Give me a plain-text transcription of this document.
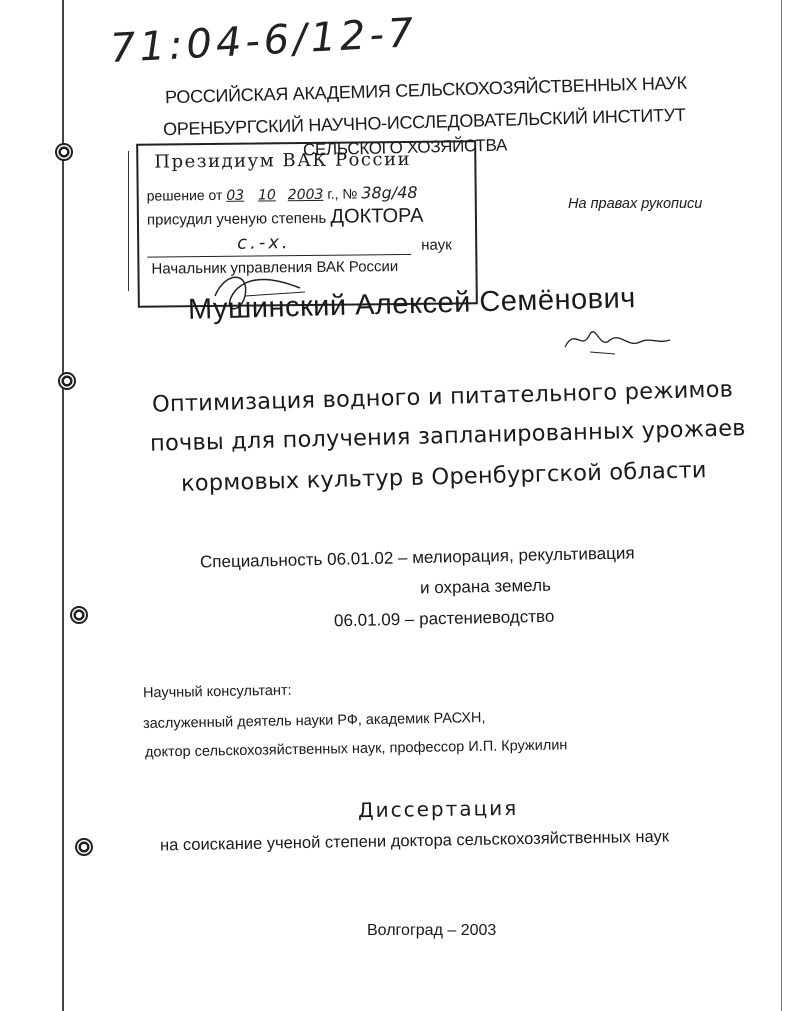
71:04-6/12-7
РОССИЙСКАЯ АКАДЕМИЯ СЕЛЬСКОХОЗЯЙСТВЕННЫХ НАУК
ОРЕНБУРГСКИЙ НАУЧНО-ИССЛЕДОВАТЕЛЬСКИЙ ИНСТИТУТ
СЕЛЬСКОГО ХОЗЯЙСТВА
Президиум ВАК России
решение от 03 10 2003 г., № 38g/48
присудил ученую степень ДОКТОРА
с.-х.	наук
Начальник управления ВАК России
На правах рукописи
Мушинский Алексей Семёнович
Оптимизация водного и питательного режимов
почвы для получения запланированных урожаев
кормовых культур в Оренбургской области
Специальность 06.01.02 – мелиорация, рекультивация
и охрана земель
06.01.09 – растениеводство
Научный консультант:
заслуженный деятель науки РФ, академик РАСХН,
доктор сельскохозяйственных наук, профессор И.П. Кружилин
Диссертация
на соискание ученой степени доктора сельскохозяйственных наук
Волгоград – 2003
